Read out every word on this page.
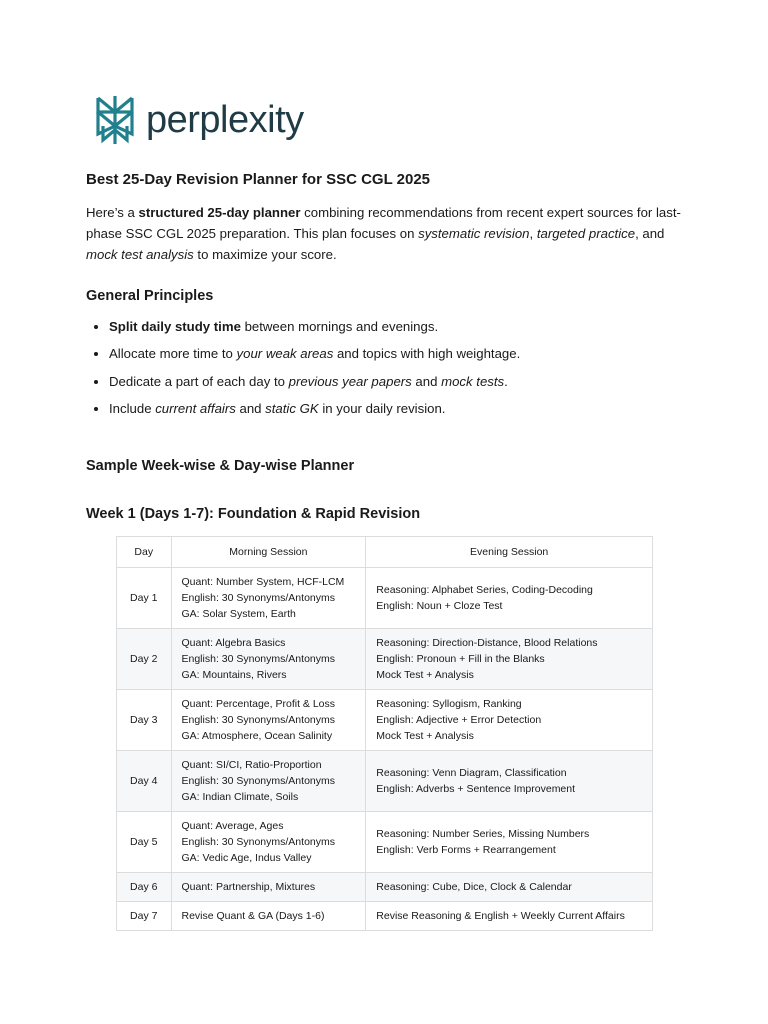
perplexity
Best 25-Day Revision Planner for SSC CGL 2025

Here’s a structured 25-day planner combining recommendations from recent expert sources for last-phase SSC CGL 2025 preparation. This plan focuses on systematic revision, targeted practice, and mock test analysis to maximize your score.

General Principles
• Split daily study time between mornings and evenings.
• Allocate more time to your weak areas and topics with high weightage.
• Dedicate a part of each day to previous year papers and mock tests.
• Include current affairs and static GK in your daily revision.
Sample Week-wise & Day-wise Planner
Week 1 (Days 1-7): Foundation & Rapid Revision
Day	Morning Session	Evening Session
Day 1	Quant: Number System, HCF-LCM
English: 30 Synonyms/Antonyms
GA: Solar System, Earth	Reasoning: Alphabet Series, Coding-Decoding
English: Noun + Cloze Test

Day 2	Quant: Algebra Basics
English: 30 Synonyms/Antonyms
GA: Mountains, Rivers	Reasoning: Direction-Distance, Blood Relations
English: Pronoun + Fill in the Blanks
Mock Test + Analysis

Day 3	Quant: Percentage, Profit & Loss
English: 30 Synonyms/Antonyms
GA: Atmosphere, Ocean Salinity	Reasoning: Syllogism, Ranking
English: Adjective + Error Detection
Mock Test + Analysis

Day 4	Quant: SI/CI, Ratio-Proportion
English: 30 Synonyms/Antonyms
GA: Indian Climate, Soils	Reasoning: Venn Diagram, Classification
English: Adverbs + Sentence Improvement

Day 5	Quant: Average, Ages
English: 30 Synonyms/Antonyms
GA: Vedic Age, Indus Valley	Reasoning: Number Series, Missing Numbers
English: Verb Forms + Rearrangement

Day 6	Quant: Partnership, Mixtures	Reasoning: Cube, Dice, Clock & Calendar

Day 7	Revise Quant & GA (Days 1-6)	Revise Reasoning & English + Weekly Current Affairs
